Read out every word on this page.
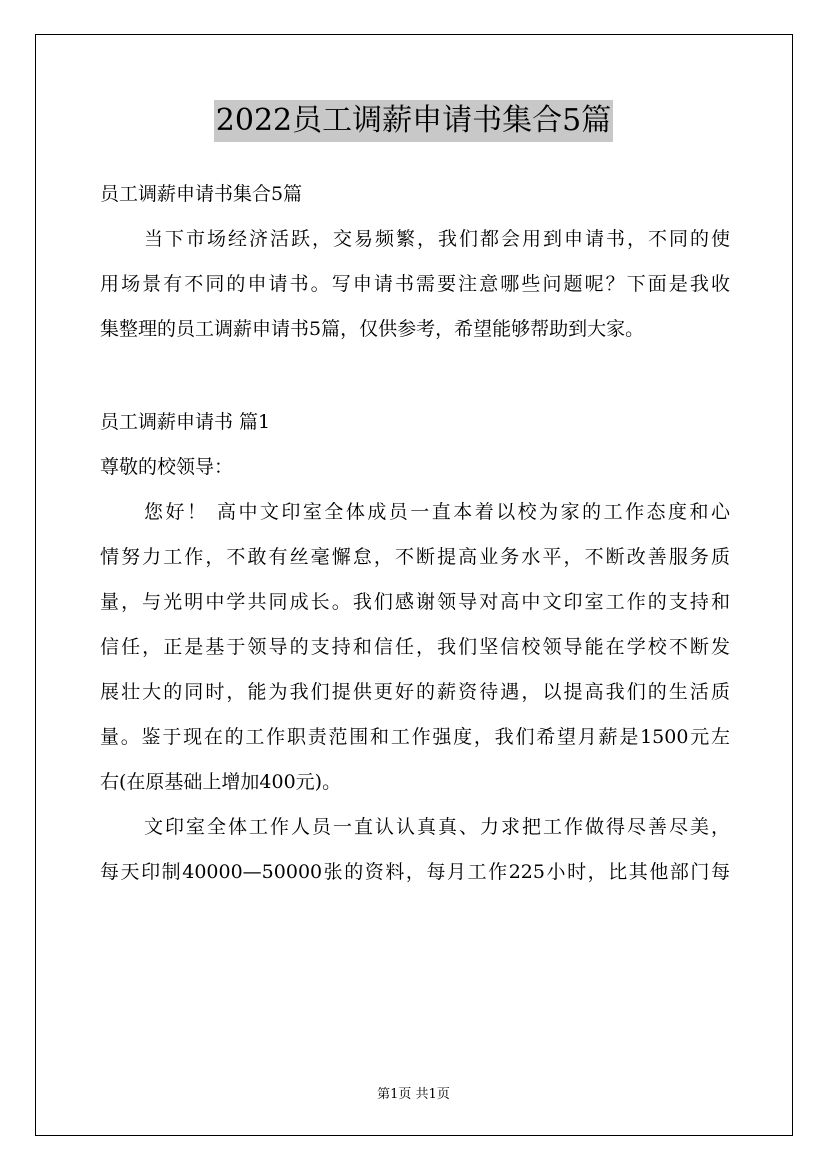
2022员工调薪申请书集合5篇
员工调薪申请书集合5篇
当下市场经济活跃，交易频繁，我们都会用到申请书，不同的使
用场景有不同的申请书。写申请书需要注意哪些问题呢？下面是我收
集整理的员工调薪申请书5篇，仅供参考，希望能够帮助到大家。
员工调薪申请书 篇1
尊敬的校领导：
您好！ 高中文印室全体成员一直本着以校为家的工作态度和心
情努力工作，不敢有丝毫懈怠，不断提高业务水平，不断改善服务质
量，与光明中学共同成长。我们感谢领导对高中文印室工作的支持和
信任，正是基于领导的支持和信任，我们坚信校领导能在学校不断发
展壮大的同时，能为我们提供更好的薪资待遇，以提高我们的生活质
量。鉴于现在的工作职责范围和工作强度，我们希望月薪是1500元左
右(在原基础上增加400元)。
文印室全体工作人员一直认认真真、力求把工作做得尽善尽美，
每天印制40000—50000张的资料，每月工作225小时，比其他部门每
第1页 共1页
